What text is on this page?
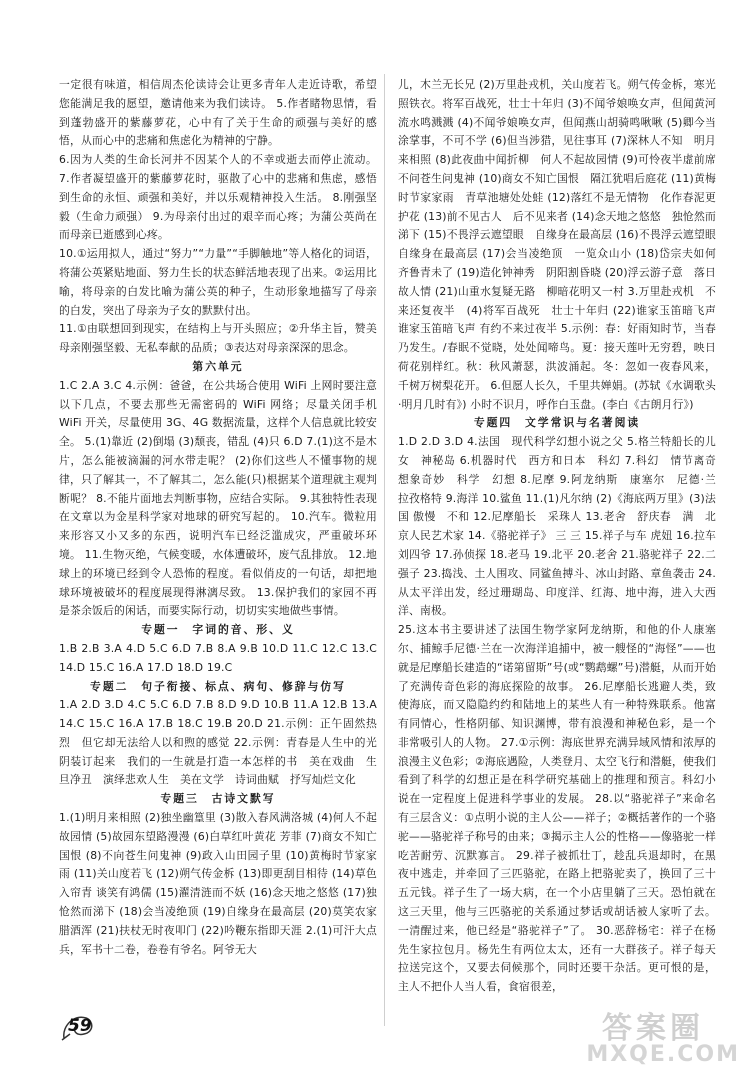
一定很有味道，相信周杰伦读诗会让更多青年人走近诗歌，希望您能满足我的愿望，邀请他来为我们读诗。 5.作者睹物思情，看到蓬勃盛开的紫藤萝花，心中有了关于生命的顽强与美好的感悟，从而心中的悲痛和焦虑化为精神的宁静。

6.因为人类的生命长河并不因某个人的不幸或逝去而停止流动。 7.作者凝望盛开的紫藤萝花时，驱散了心中的悲痛和焦虑，感悟到生命的永恒、顽强和美好，并以乐观精神投入生活。 8.刚强坚毅（生命力顽强） 9.为母亲付出过的艰辛而心疼；为蒲公英尚在而母亲已逝感到心疼。

10.①运用拟人，通过“努力”“力量”“手脚触地”等人格化的词语，将蒲公英紧贴地面、努力生长的状态鲜活地表现了出来。②运用比喻，将母亲的白发比喻为蒲公英的种子，生动形象地描写了母亲的白发，突出了母亲为子女的默默付出。

11.①由联想回到现实，在结构上与开头照应；②升华主旨，赞美母亲刚强坚毅、无私奉献的品质；③表达对母亲深深的思念。

第六单元

1.C 2.A 3.C 4.示例：爸爸，在公共场合使用 WiFi 上网时要注意以下几点，不要去那些无需密码的 WiFi 网络；尽量关闭手机 WiFi 开关，尽量使用 3G、4G 数据流量，这样个人信息就比较安全。 5.(1)靠近 (2)倒塌 (3)颓丧，错乱 (4)只 6.D 7.(1)这不是木片，怎么能被滴漏的河水带走呢？ (2)你们这些人不懂事物的规律，只了解其一，不了解其二，怎么能(只)根据某个道理就主观判断呢？ 8.不能片面地去判断事物，应结合实际。 9.其独特性表现在文章以为金星科学家对地球的研究写起的。 10.汽车。微粒用来形容又小又多的东西，说明汽车已经泛滥成灾，严重破坏环境。 11.生物灭绝，气候变暖，水体遭破坏，废气乱排放。 12.地球上的环境已经到令人恐怖的程度。看似俏皮的一句话，却把地球环境被破坏的程度展现得淋漓尽致。 13.保护我们的家园不再是茶余饭后的闲话，而要实际行动，切切实实地做些事情。

专题一　字词的音、形、义

1.B 2.B 3.A 4.D 5.C 6.D 7.B 8.A 9.B 10.D 11.C 12.C 13.C 14.D 15.C 16.A 17.D 18.D 19.C

专题二　句子衔接、标点、病句、修辞与仿写

1.A 2.D 3.D 4.C 5.C 6.D 7.B 8.D 9.D 10.B 11.A 12.B 13.A 14.C 15.C 16.A 17.B 18.C 19.B 20.D 21.示例：正午固然热烈　但它却无法给人以和煦的感觉 22.示例：青春是人生中的光阴装订起来　我们的一生就是打造一本怎样的书　美在戏曲　生旦净丑　演绎悲欢人生　美在文学　诗词曲赋　抒写灿烂文化

专题三　古诗文默写

1.(1)明月来相照 (2)独坐幽篁里 (3)散入春风满洛城 (4)何人不起故园情 (5)故园东望路漫漫 (6)白草红叶黄花 芳菲 (7)商女不知亡国恨 (8)不向苍生问鬼神 (9)政入山田园子里 (10)黄梅时节家家雨 (11)关山度若飞 (12)朔气传金柝 (13)即更刮目相待 (14)草色入帘青 谈笑有鸿儒 (15)濯清涟而不妖 (16)念天地之悠悠 (17)独怆然而涕下 (18)会当凌绝顶 (19)自缘身在最高层 (20)莫笑农家腊酒浑 (21)扶杖无时夜叩门 (22)吟鞭东指即天涯 2.(1)可汗大点兵，军书十二卷，卷卷有爷名。阿爷无大

儿，木兰无长兄 (2)万里赴戎机，关山度若飞。朔气传金柝，寒光照铁衣。将军百战死，壮士十年归 (3)不闻爷娘唤女声，但闻黄河流水鸣溅溅 (4)不闻爷娘唤女声，但闻燕山胡骑鸣啾啾 (5)卿今当涂掌事，不可不学 (6)但当涉猎，见往事耳 (7)深林人不知　明月来相照 (8)此夜曲中闻折柳　何人不起故园情 (9)可怜夜半虚前席　不问苍生问鬼神 (10)商女不知亡国恨　隔江犹唱后庭花 (11)黄梅时节家家雨　青草池塘处处蛙 (12)落红不是无情物　化作春泥更护花 (13)前不见古人　后不见来者 (14)念天地之悠悠　独怆然而涕下 (15)不畏浮云遮望眼　自缘身在最高层 (16)不畏浮云遮望眼　自缘身在最高层 (17)会当凌绝顶　一览众山小 (18)岱宗夫如何　齐鲁青未了 (19)造化钟神秀　阴阳割昏晓 (20)浮云游子意　落日故人情 (21)山重水复疑无路　柳暗花明又一村 3.万里赴戎机　不来还复夜半　(4)将军百战死　壮士十年归 (22)谁家玉笛暗飞声 谁家玉笛暗飞声 有约不来过夜半 5.示例：春：好雨知时节，当春乃发生。/春眠不觉晓，处处闻啼鸟。夏：接天莲叶无穷碧，映日荷花别样红。秋：秋风萧瑟，洪波涌起。冬：忽如一夜春风来，千树万树梨花开。 6.但愿人长久，千里共婵娟。(苏轼《水调歌头·明月几时有》) 小时不识月，呼作白玉盘。(李白《古朗月行》)

专题四　文学常识与名著阅读

1.D 2.D 3.D 4.法国　现代科学幻想小说之父 5.格兰特船长的儿女　神秘岛 6.机器时代　西方和日本　科幻 7.科幻　情节离奇　想象奇妙　科学　幻想 8.尼摩 9.阿龙纳斯　康塞尔　尼德·兰　拉孜格特 9.海洋 10.鲨鱼 11.(1)凡尔纳 (2)《海底两万里》(3)法国 傲慢　不和 12.尼摩船长　采珠人 13.老舍　舒庆春　满　北京人民艺术家 14.《骆驼祥子》 三 三 15.祥子与车 虎妞 16.拉车 刘四爷 17.孙侦探 18.老马 19.北平 20.老舍 21.骆驼祥子 22.二强子 23.捣浅、土人围攻、同鲨鱼搏斗、冰山封路、章鱼袭击 24.从太平洋出发，经过珊瑚岛、印度洋、红海、地中海，进入大西洋、南极。

25.这本书主要讲述了法国生物学家阿龙纳斯，和他的仆人康塞尔、捕鲸手尼德·兰在一次海洋追捕中，被一艘怪的“海怪”——也就是尼摩船长建造的“诺第留斯”号(或“鹦鹉螺”号)潜艇，从而开始了充满传奇色彩的海底探险的故事。 26.尼摩船长逃避人类，致使海底，而又隐隐约约和陆地上的某些人有一种特殊联系。他富有同情心，性格阴郁、知识渊博，带有浪漫和神秘色彩，是一个非常吸引人的人物。 27.①示例：海底世界充满异域风情和浓厚的浪漫主义色彩；②海底遇险，人类登月、太空飞行和潜艇，使我们看到了科学的幻想正是在科学研究基础上的推理和预言。科幻小说在一定程度上促进科学事业的发展。 28.以“骆驼祥子”来命名有三层含义：①点明小说的主人公——祥子；②概括著作的一个骆驼——骆驼祥子称号的由来；③揭示主人公的性格——像骆驼一样吃苦耐劳、沉默寡言。 29.祥子被抓壮丁，趁乱兵退却时，在黑夜中逃走，并牵回了三匹骆驼，在路上把骆驼卖了，换回了三十五元钱。祥子生了一场大病，在一个小店里躺了三天。恐怕就在这三天里，他与三匹骆驼的关系通过梦话或胡话被人家听了去。一清醒过来，他已经是“骆驼祥子”了。 30.恶辞杨宅：祥子在杨先生家拉包月。杨先生有两位太太，还有一大群孩子。祥子每天拉送完这个，又要去伺候那个，同时还要干杂活。更可恨的是，主人不把仆人当人看，食宿很差，

59	答案圈
MXQE.COM
